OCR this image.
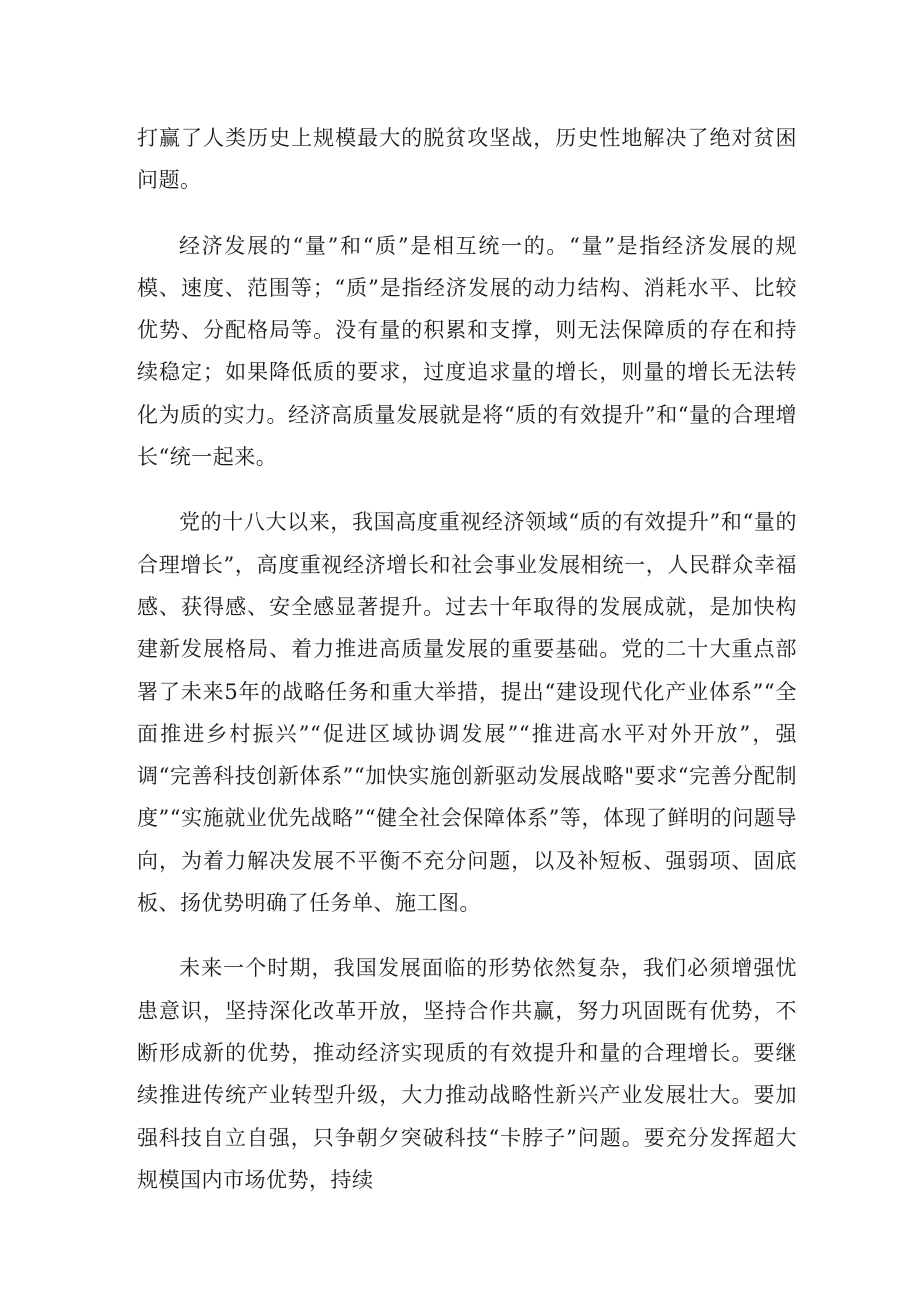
打赢了人类历史上规模最大的脱贫攻坚战，历史性地解决了绝对贫困问题。

经济发展的“量”和“质”是相互统一的。“量”是指经济发展的规模、速度、范围等；“质”是指经济发展的动力结构、消耗水平、比较优势、分配格局等。没有量的积累和支撑，则无法保障质的存在和持续稳定；如果降低质的要求，过度追求量的增长，则量的增长无法转化为质的实力。经济高质量发展就是将“质的有效提升”和“量的合理增长“统一起来。

党的十八大以来，我国高度重视经济领域“质的有效提升”和“量的合理增长”，高度重视经济增长和社会事业发展相统一，人民群众幸福感、获得感、安全感显著提升。过去十年取得的发展成就，是加快构建新发展格局、着力推进高质量发展的重要基础。党的二十大重点部署了未来5年的战略任务和重大举措，提出“建设现代化产业体系”“全面推进乡村振兴”“促进区域协调发展”“推进高水平对外开放”，强调“完善科技创新体系”“加快实施创新驱动发展战略"要求“完善分配制度”“实施就业优先战略”“健全社会保障体系”等，体现了鲜明的问题导向，为着力解决发展不平衡不充分问题，以及补短板、强弱项、固底板、扬优势明确了任务单、施工图。

未来一个时期，我国发展面临的形势依然复杂，我们必须增强忧患意识，坚持深化改革开放，坚持合作共赢，努力巩固既有优势，不断形成新的优势，推动经济实现质的有效提升和量的合理增长。要继续推进传统产业转型升级，大力推动战略性新兴产业发展壮大。要加强科技自立自强，只争朝夕突破科技“卡脖子”问题。要充分发挥超大规模国内市场优势，持续
